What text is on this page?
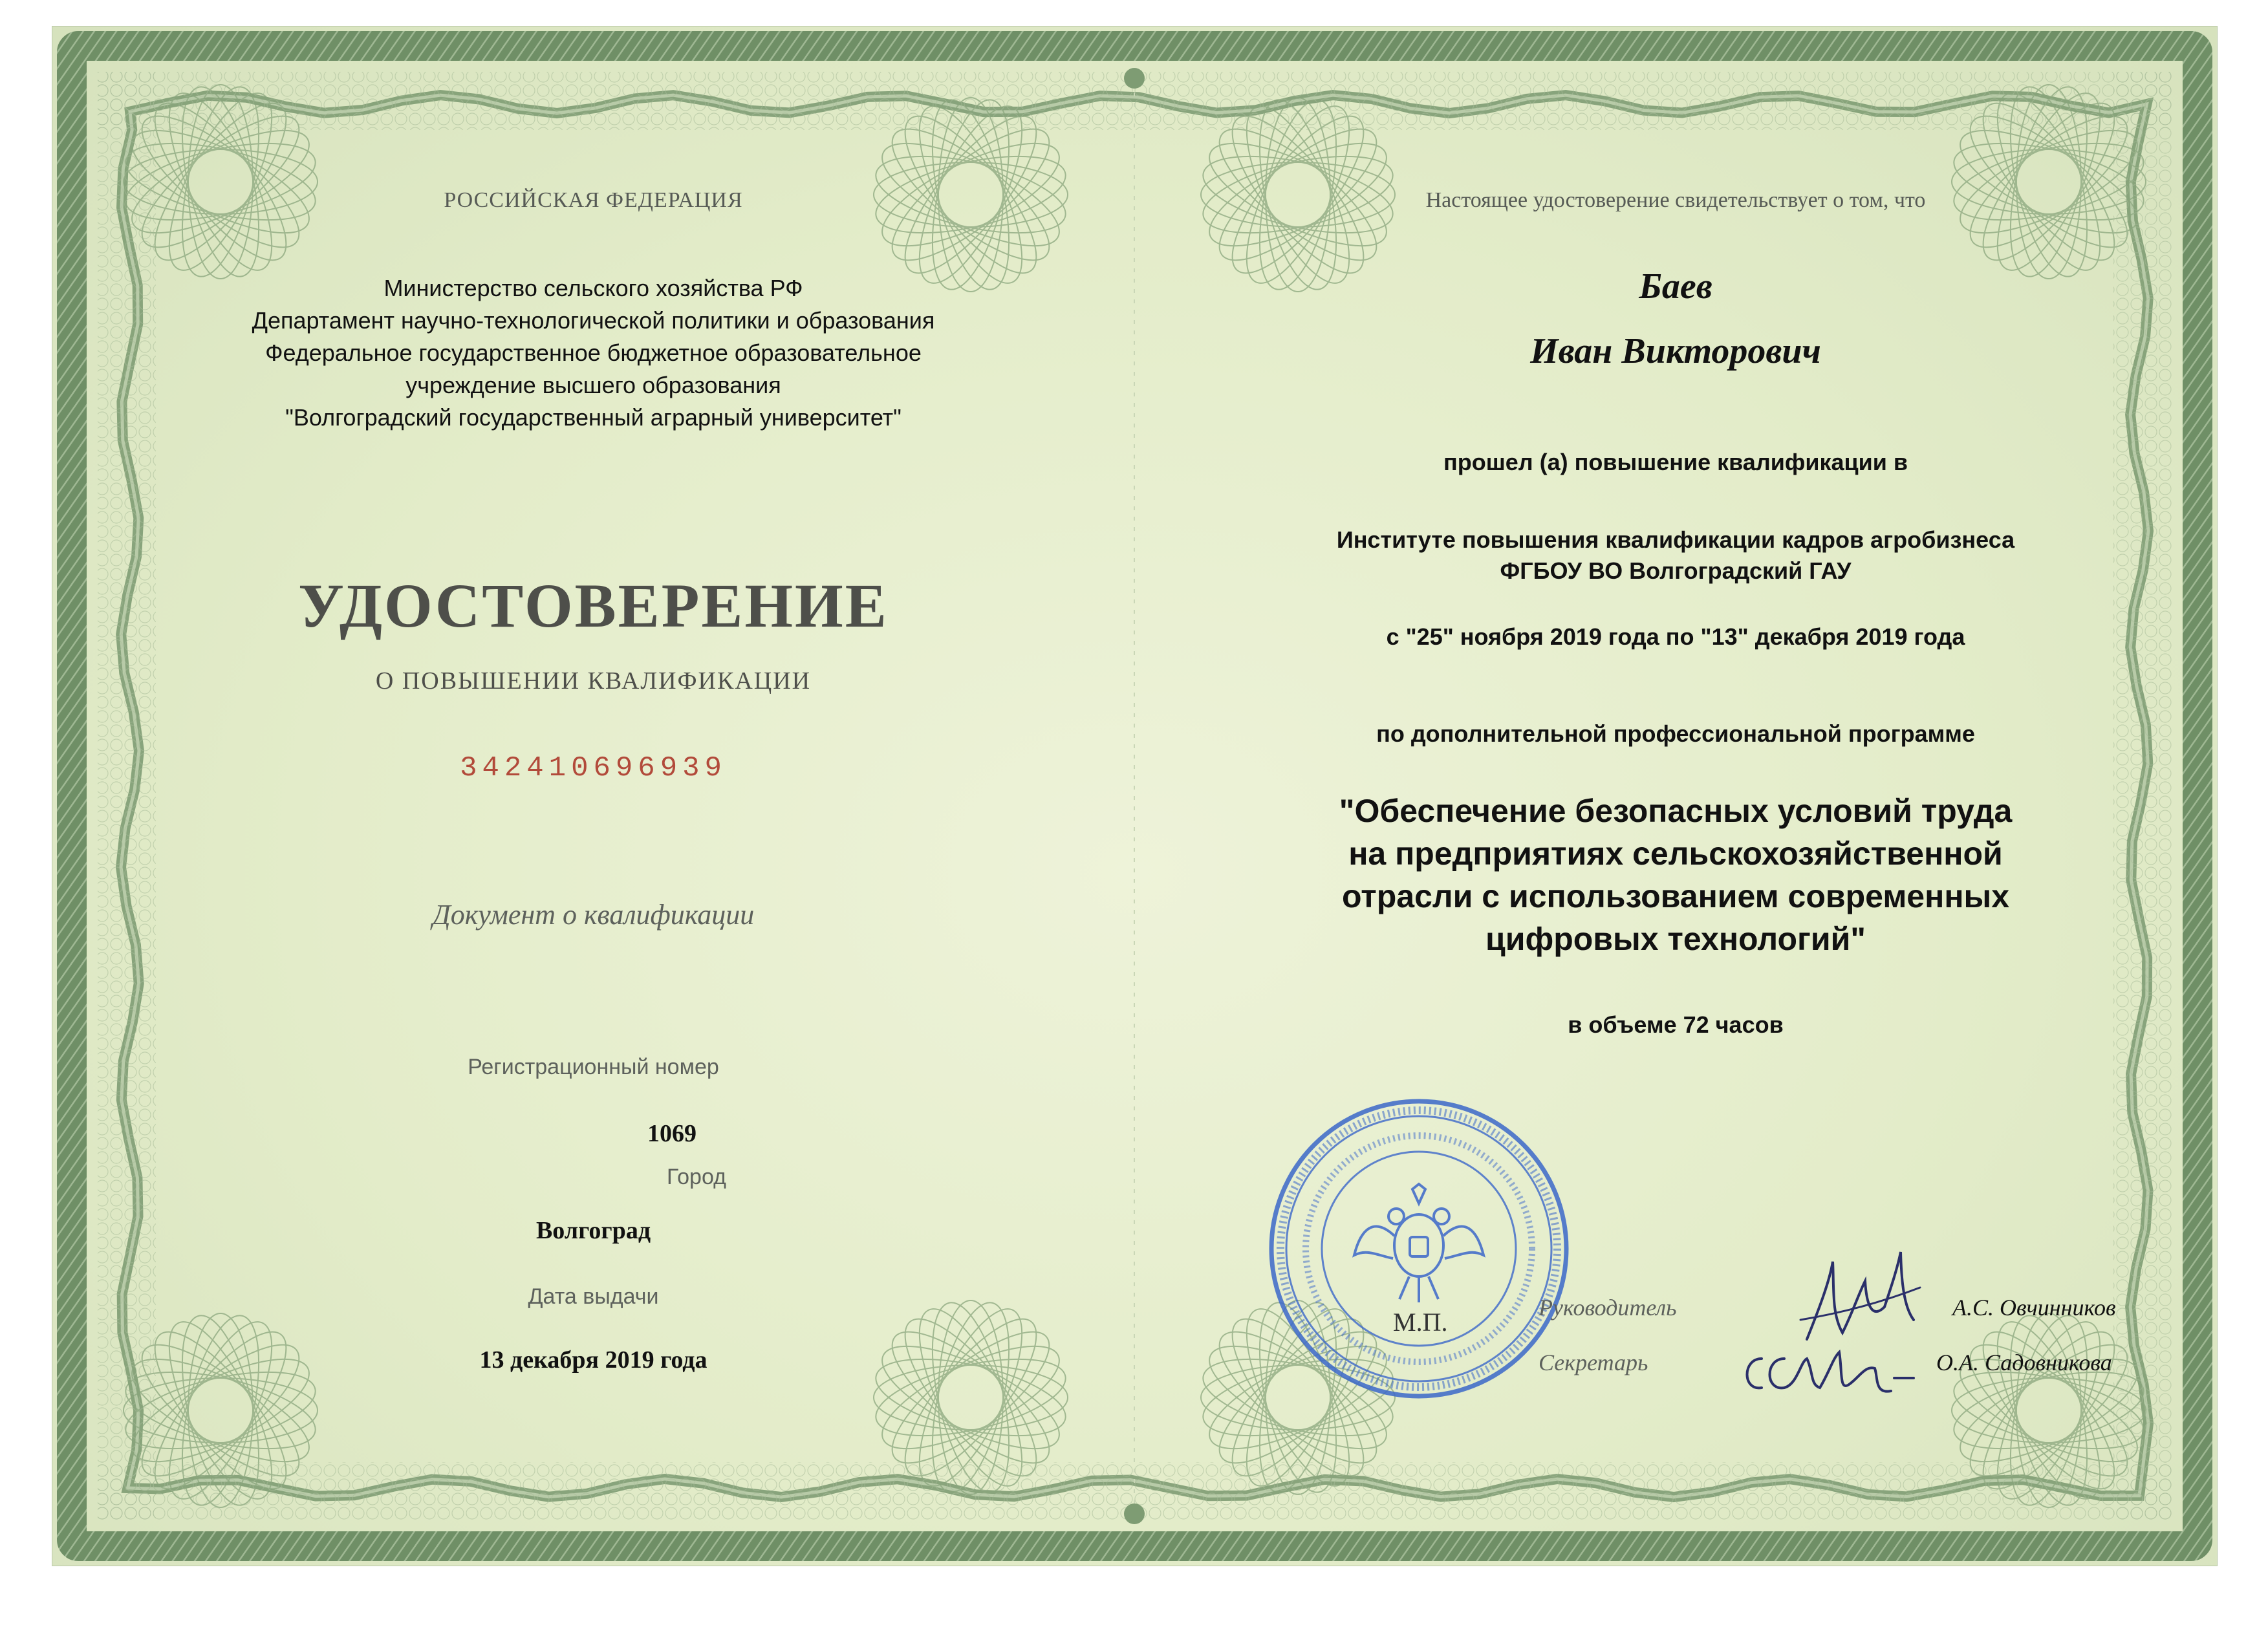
РОССИЙСКАЯ ФЕДЕРАЦИЯ
Министерство сельского хозяйства РФ
Департамент научно-технологической политики и образования
Федеральное государственное бюджетное образовательное
учреждение высшего образования
"Волгоградский государственный аграрный университет"
УДОСТОВЕРЕНИЕ
О ПОВЫШЕНИИ КВАЛИФИКАЦИИ
342410696939
Документ о квалификации
Регистрационный номер
1069
Город
Волгоград
Дата выдачи
13 декабря 2019 года
Настоящее удостоверение свидетельствует о том, что
Баев
Иван Викторович
прошел (а) повышение квалификации в
Институте повышения квалификации кадров агробизнеса
ФГБОУ ВО Волгоградский ГАУ
с "25" ноября 2019 года по "13" декабря 2019 года
по дополнительной профессиональной программе
"Обеспечение безопасных условий труда
на предприятиях сельскохозяйственной
отрасли с использованием современных
цифровых технологий"
в объеме 72 часов
М.П.	Руководитель	А.С. Овчинников
Секретарь	О.А. Садовникова
